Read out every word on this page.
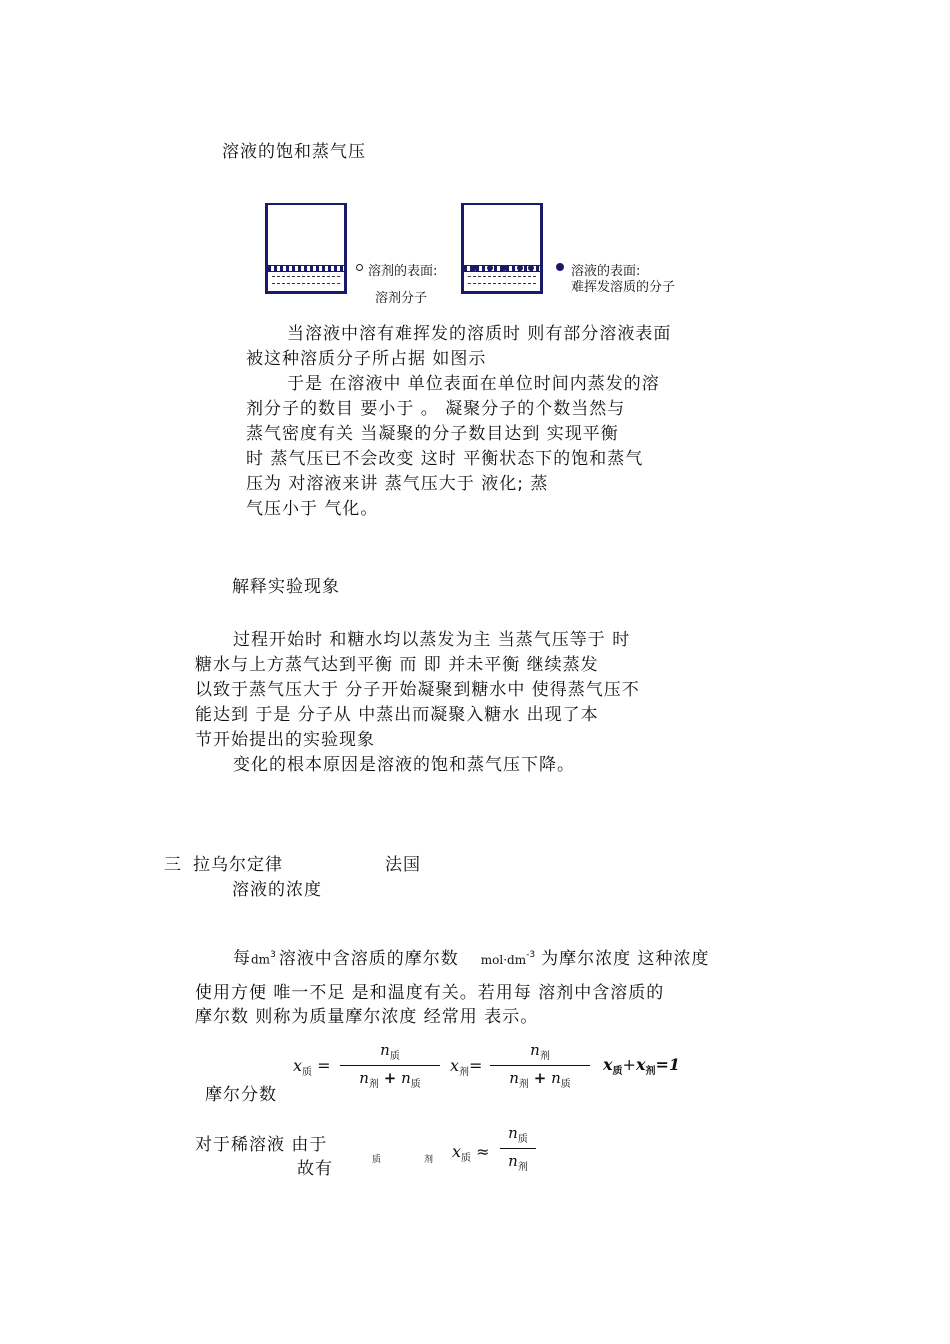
溶液的饱和蒸气压
溶剂的表面:
溶剂分子
溶液的表面:
难挥发溶质的分子
当溶液中溶有难挥发的溶质时 则有部分溶液表面
被这种溶质分子所占据 如图示
于是 在溶液中 单位表面在单位时间内蒸发的溶
剂分子的数目 要小于 。 凝聚分子的个数当然与
蒸气密度有关 当凝聚的分子数目达到 实现平衡
时 蒸气压已不会改变 这时 平衡状态下的饱和蒸气
压为 对溶液来讲 蒸气压大于 液化; 蒸
气压小于 气化。
解释实验现象
过程开始时 和糖水均以蒸发为主 当蒸气压等于 时
糖水与上方蒸气达到平衡 而 即 并未平衡 继续蒸发
以致于蒸气压大于 分子开始凝聚到糖水中 使得蒸气压不
能达到 于是 分子从 中蒸出而凝聚入糖水 出现了本
节开始提出的实验现象
变化的根本原因是溶液的饱和蒸气压下降。
三 拉乌尔定律	法国
溶液的浓度
每$dm^3$ 溶液中含溶质的摩尔数 $mol\cdot dm^{-3}$ 为摩尔浓度 这种浓度
使用方便 唯一不足 是和温度有关。若用每 溶剂中含溶质的
摩尔数 则称为质量摩尔浓度 经常用 表示。
$x_质$ =
$n_质$
$n_剂 + n_质$
$x_剂=$
$n_剂$
$n_剂 + n_质$
$x_质+x_剂=1$
摩尔分数
对于稀溶液 由于
质	剂 $x_质$ ≈
$n_质$
$n_剂$
故有
